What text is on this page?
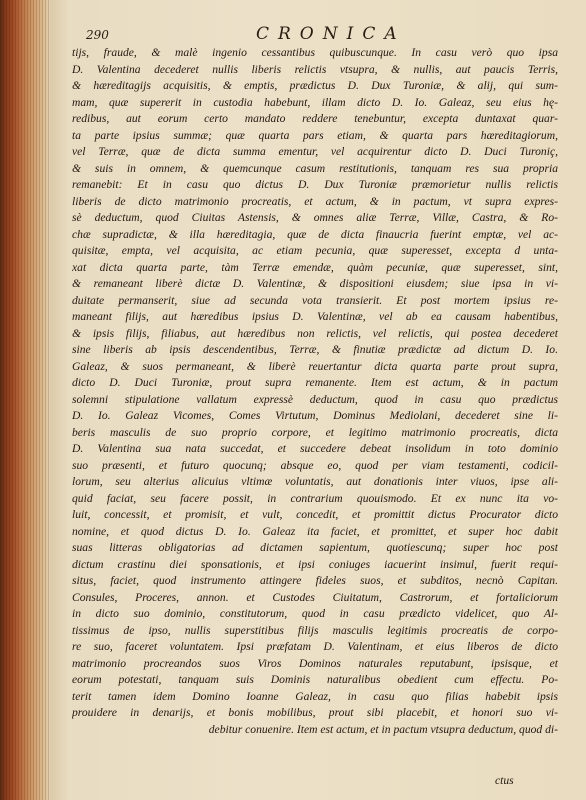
290	CRONICA
tijs, fraude, & malè ingenio cessantibus quibuscunque. In casu verò quo ipsa
D. Valentina decederet nullis liberis relictis vtsupra, & nullis, aut paucis Terris,
& hæreditagijs acquisitis, & emptis, prædictus D. Dux Turoniæ, & alij, qui sum-
mam, quæ supererit in custodia habebunt, illam dicto D. Io. Galeaz, seu eius hę-
redibus, aut eorum certo mandato reddere tenebuntur, excepta duntaxat quar-
ta parte ipsius summæ; quæ quarta pars etiam, & quarta pars hæreditagiorum,
vel Terræ, quæ de dicta summa ementur, vel acquirentur dicto D. Duci Turoniç,
& suis in omnem, & quemcunque casum restitutionis, tanquam res sua propria
remanebit: Et in casu quo dictus D. Dux Turoniæ præmorietur nullis relictis
liberis de dicto matrimonio procreatis, et actum, & in pactum, vt supra expres-
sè deductum, quod Ciuitas Astensis, & omnes aliæ Terræ, Villæ, Castra, & Ro-
chæ supradictæ, & illa hæreditagia, quæ de dicta finaucria fuerint emptæ, vel ac-
quisitæ, empta, vel acquisita, ac etiam pecunia, quæ superesset, excepta d unta-
xat dicta quarta parte, tàm Terræ emendæ, quàm pecuniæ, quæ superesset, sint,
& remaneant liberè dictæ D. Valentinæ, & dispositioni eiusdem; siue ipsa in vi-
duitate permanserit, siue ad secunda vota transierit. Et post mortem ipsius re-
maneant filijs, aut hæredibus ipsius D. Valentinæ, vel ab ea causam habentibus,
& ipsis filijs, filiabus, aut hæredibus non relictis, vel relictis, qui postea decederet
sine liberis ab ipsis descendentibus, Terræ, & finutiæ prædictæ ad dictum D. Io.
Galeaz, & suos permaneant, & liberè reuertantur dicta quarta parte prout supra,
dicto D. Duci Turoniæ, prout supra remanente. Item est actum, & in pactum
solemni stipulatione vallatum expressè deductum, quod in casu quo prædictus
D. Io. Galeaz Vicomes, Comes Virtutum, Dominus Mediolani, decederet sine li-
beris masculis de suo proprio corpore, et legitimo matrimonio procreatis, dicta
D. Valentina sua nata succedat, et succedere debeat insolidum in toto dominio
suo præsenti, et futuro quocunq; absque eo, quod per viam testamenti, codicil-
lorum, seu alterius alicuius vltimæ voluntatis, aut donationis inter viuos, ipse ali-
quid faciat, seu facere possit, in contrarium quouismodo. Et ex nunc ita vo-
luit, concessit, et promisit, et vult, concedit, et promittit dictus Procurator dicto
nomine, et quod dictus D. Io. Galeaz ita faciet, et promittet, et super hoc dabit
suas litteras obligatorias ad dictamen sapientum, quotiescunq; super hoc post
dictum crastinu diei sponsationis, et ipsi coniuges iacuerint insimul, fuerit requi-
situs, faciet, quod instrumento attingere fideles suos, et subditos, necnò Capitan.
Consules, Proceres, annon. et Custodes Ciuitatum, Castrorum, et fortaliciorum
in dicto suo dominio, constitutorum, quod in casu prædicto videlicet, quo Al-
tissimus de ipso, nullis superstitibus filijs masculis legitimis procreatis de corpo-
re suo, faceret voluntatem. Ipsi præfatam D. Valentinam, et eius liberos de dicto
matrimonio procreandos suos Viros Dominos naturales reputabunt, ipsisque, et
eorum potestati, tanquam suis Dominis naturalibus obedient cum effectu. Po-
terit tamen idem Domino Ioanne Galeaz, in casu quo filias habebit ipsis
prouidere in denarijs, et bonis mobilibus, prout sibi placebit, et honori suo vi-
debitur conuenire. Item est actum, et in pactum vtsupra deductum, quod di-
ctus
